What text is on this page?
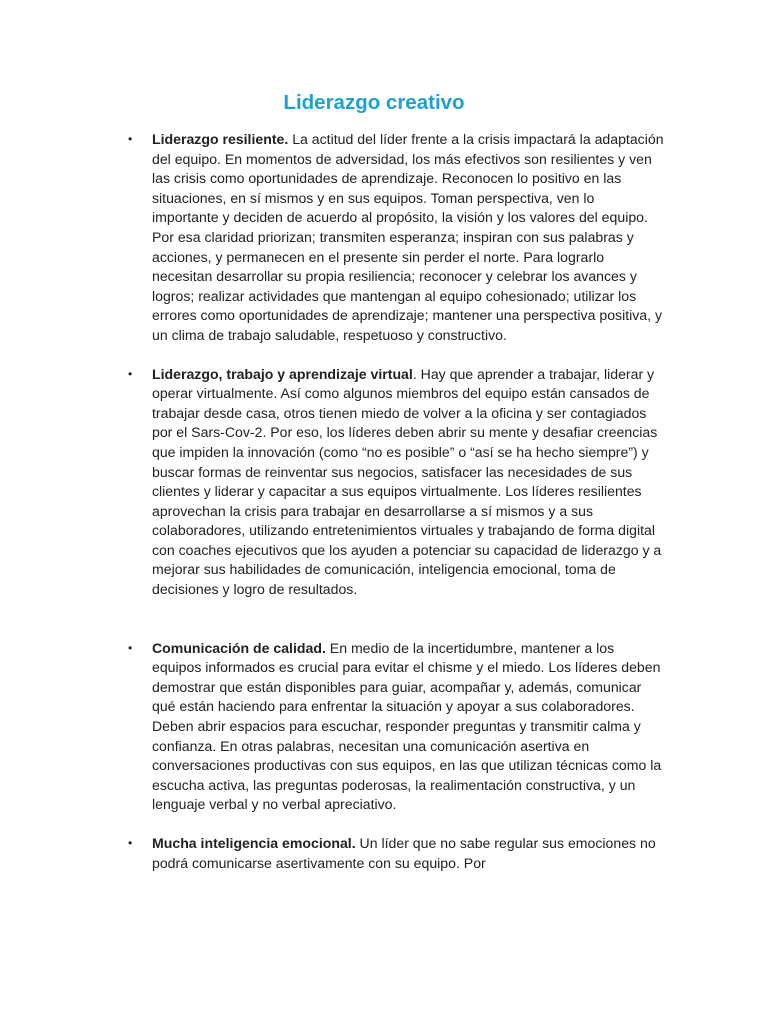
Liderazgo creativo
• Liderazgo resiliente. La actitud del líder frente a la crisis impactará la adaptación del equipo. En momentos de adversidad, los más efectivos son resilientes y ven las crisis como oportunidades de aprendizaje. Reconocen lo positivo en las situaciones, en sí mismos y en sus equipos. Toman perspectiva, ven lo importante y deciden de acuerdo al propósito, la visión y los valores del equipo. Por esa claridad priorizan; transmiten esperanza; inspiran con sus palabras y acciones, y permanecen en el presente sin perder el norte. Para lograrlo necesitan desarrollar su propia resiliencia; reconocer y celebrar los avances y logros; realizar actividades que mantengan al equipo cohesionado; utilizar los errores como oportunidades de aprendizaje; mantener una perspectiva positiva, y un clima de trabajo saludable, respetuoso y constructivo.
• Liderazgo, trabajo y aprendizaje virtual. Hay que aprender a trabajar, liderar y operar virtualmente. Así como algunos miembros del equipo están cansados de trabajar desde casa, otros tienen miedo de volver a la oficina y ser contagiados por el Sars-Cov-2. Por eso, los líderes deben abrir su mente y desafiar creencias que impiden la innovación (como “no es posible” o “así se ha hecho siempre”) y buscar formas de reinventar sus negocios, satisfacer las necesidades de sus clientes y liderar y capacitar a sus equipos virtualmente. Los líderes resilientes aprovechan la crisis para trabajar en desarrollarse a sí mismos y a sus colaboradores, utilizando entretenimientos virtuales y trabajando de forma digital con coaches ejecutivos que los ayuden a potenciar su capacidad de liderazgo y a mejorar sus habilidades de comunicación, inteligencia emocional, toma de decisiones y logro de resultados.
• Comunicación de calidad. En medio de la incertidumbre, mantener a los equipos informados es crucial para evitar el chisme y el miedo. Los líderes deben demostrar que están disponibles para guiar, acompañar y, además, comunicar qué están haciendo para enfrentar la situación y apoyar a sus colaboradores. Deben abrir espacios para escuchar, responder preguntas y transmitir calma y confianza. En otras palabras, necesitan una comunicación asertiva en conversaciones productivas con sus equipos, en las que utilizan técnicas como la escucha activa, las preguntas poderosas, la realimentación constructiva, y un lenguaje verbal y no verbal apreciativo.
• Mucha inteligencia emocional. Un líder que no sabe regular sus emociones no podrá comunicarse asertivamente con su equipo. Por
